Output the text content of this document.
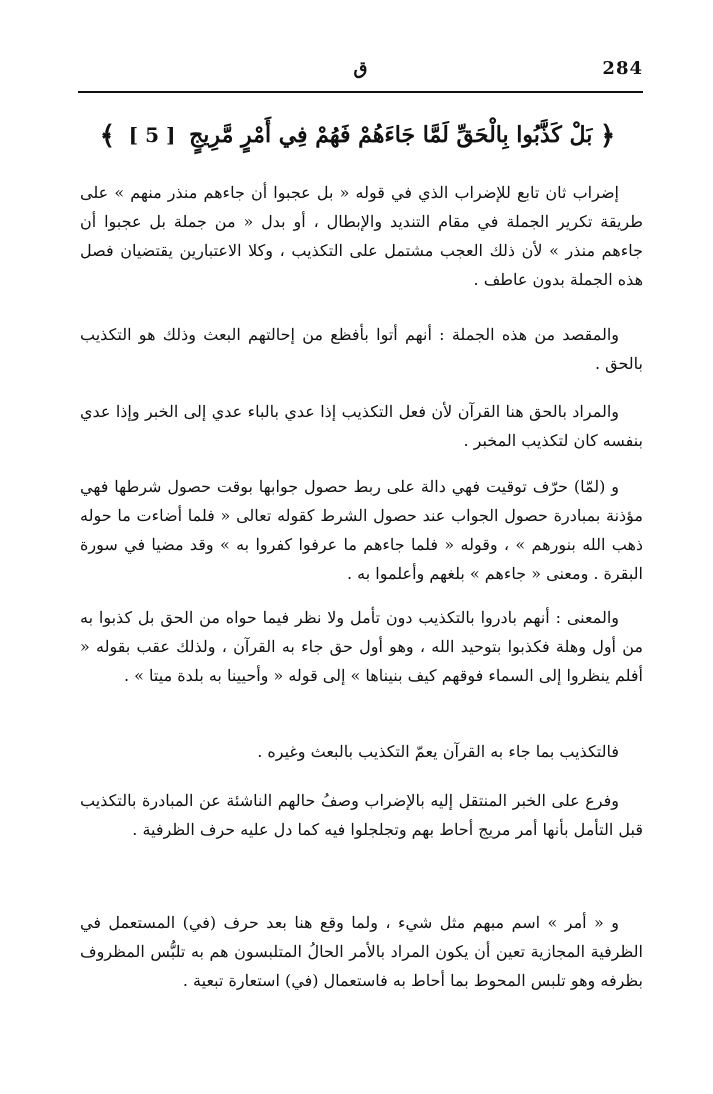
284
ق
﴿ بَلْ كَذَّبُوا بِالْحَقِّ لَمَّا جَاءَهُمْ فَهُمْ فِي أَمْرٍ مَّرِيجٍ [ 5 ] ﴾

إضراب ثان تابع للإضراب الذي في قوله « بل عجبوا أن جاءهم منذر منهم » على طريقة تكرير الجملة في مقام التنديد والإبطال ، أو بدل « من جملة بل عجبوا أن جاءهم منذر » لأن ذلك العجب مشتمل على التكذيب ، وكلا الاعتبارين يقتضيان فصل هذه الجملة بدون عاطف .

والمقصد من هذه الجملة : أنهم أتوا بأفظع من إحالتهم البعث وذلك هو التكذيب بالحق .

والمراد بالحق هنا القرآن لأن فعل التكذيب إذا عدي بالباء عدي إلى الخبر وإذا عدي بنفسه كان لتكذيب المخبر .

و (لمّا) حرّف توقيت فهي دالة على ربط حصول جوابها بوقت حصول شرطها فهي مؤذنة بمبادرة حصول الجواب عند حصول الشرط كقوله تعالى « فلما أضاءت ما حوله ذهب الله بنورهم » ، وقوله « فلما جاءهم ما عرفوا كفروا به » وقد مضيا في سورة البقرة . ومعنى « جاءهم » بلغهم وأعلموا به .

والمعنى : أنهم بادروا بالتكذيب دون تأمل ولا نظر فيما حواه من الحق بل كذبوا به من أول وهلة فكذبوا بتوحيد الله ، وهو أول حق جاء به القرآن ، ولذلك عقب بقوله « أفلم ينظروا إلى السماء فوقهم كيف بنيناها » إلى قوله « وأحيينا به بلدة ميتا » .

فالتكذيب بما جاء به القرآن يعمّ التكذيب بالبعث وغيره .

وفرع على الخبر المنتقل إليه بالإضراب وصفُ حالهم الناشئة عن المبادرة بالتكذيب قبل التأمل بأنها أمر مريج أحاط بهم وتجلجلوا فيه كما دل عليه حرف الظرفية .

و « أمر » اسم مبهم مثل شيء ، ولما وقع هنا بعد حرف (في) المستعمل في الظرفية المجازية تعين أن يكون المراد بالأمر الحالُ المتلبسون هم به تلبُّس المظروف بظرفه وهو تلبس المحوط بما أحاط به فاستعمال (في) استعارة تبعية .
